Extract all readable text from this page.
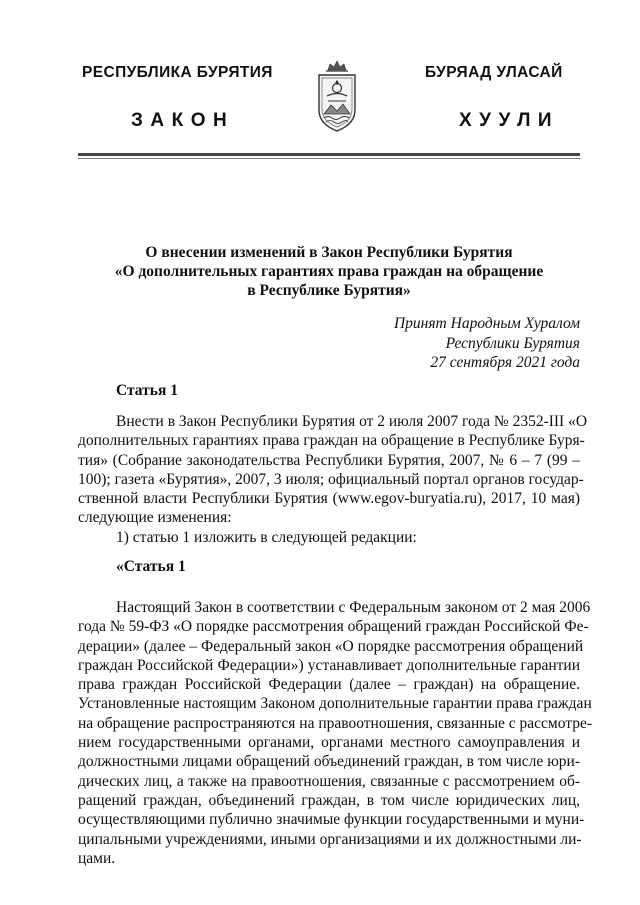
РЕСПУБЛИКА БУРЯТИЯ	БУРЯАД УЛАСАЙ
ЗАКОН	ХУУЛИ
О внесении изменений в Закон Республики Бурятия
«О дополнительных гарантиях права граждан на обращение
в Республике Бурятия»
Принят Народным Хуралом
Республики Бурятия
27 сентября 2021 года
Статья 1
Внести в Закон Республики Бурятия от 2 июля 2007 года № 2352-III «О
дополнительных гарантиях права граждан на обращение в Республике Буря-
тия» (Собрание законодательства Республики Бурятия, 2007, № 6 – 7 (99 –
100); газета «Бурятия», 2007, 3 июля; официальный портал органов государ-
ственной власти Республики Бурятия (www.egov-buryatia.ru), 2017, 10 мая)
следующие изменения:
1) статью 1 изложить в следующей редакции:
«Статья 1
Настоящий Закон в соответствии с Федеральным законом от 2 мая 2006
года № 59-ФЗ «О порядке рассмотрения обращений граждан Российской Фе-
дерации» (далее – Федеральный закон «О порядке рассмотрения обращений
граждан Российской Федерации») устанавливает дополнительные гарантии
права граждан Российской Федерации (далее – граждан) на обращение.
Установленные настоящим Законом дополнительные гарантии права граждан
на обращение распространяются на правоотношения, связанные с рассмотре-
нием государственными органами, органами местного самоуправления и
должностными лицами обращений объединений граждан, в том числе юри-
дических лиц, а также на правоотношения, связанные с рассмотрением об-
ращений граждан, объединений граждан, в том числе юридических лиц,
осуществляющими публично значимые функции государственными и муни-
ципальными учреждениями, иными организациями и их должностными ли-
цами.
